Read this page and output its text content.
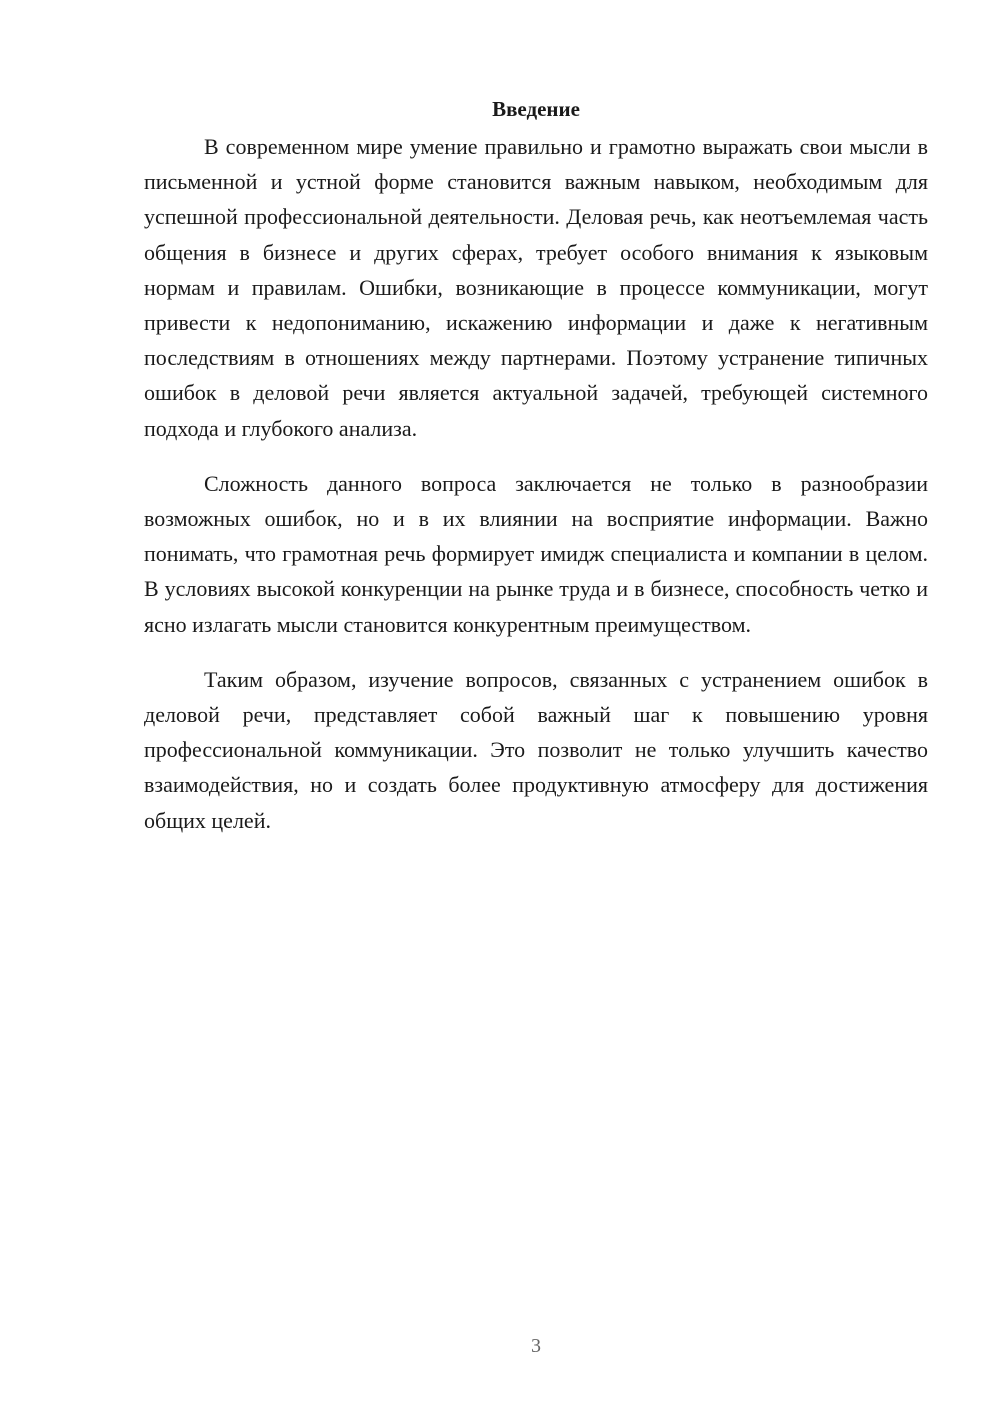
Введение

В современном мире умение правильно и грамотно выражать свои мысли в письменной и устной форме становится важным навыком, необходимым для успешной профессиональной деятельности. Деловая речь, как неотъемлемая часть общения в бизнесе и других сферах, требует особого внимания к языковым нормам и правилам. Ошибки, возникающие в процессе коммуникации, могут привести к недопониманию, искажению информации и даже к негативным последствиям в отношениях между партнерами. Поэтому устранение типичных ошибок в деловой речи является актуальной задачей, требующей системного подхода и глубокого анализа.

Сложность данного вопроса заключается не только в разнообразии возможных ошибок, но и в их влиянии на восприятие информации. Важно понимать, что грамотная речь формирует имидж специалиста и компании в целом. В условиях высокой конкуренции на рынке труда и в бизнесе, способность четко и ясно излагать мысли становится конкурентным преимуществом.

Таким образом, изучение вопросов, связанных с устранением ошибок в деловой речи, представляет собой важный шаг к повышению уровня профессиональной коммуникации. Это позволит не только улучшить качество взаимодействия, но и создать более продуктивную атмосферу для достижения общих целей.

3
